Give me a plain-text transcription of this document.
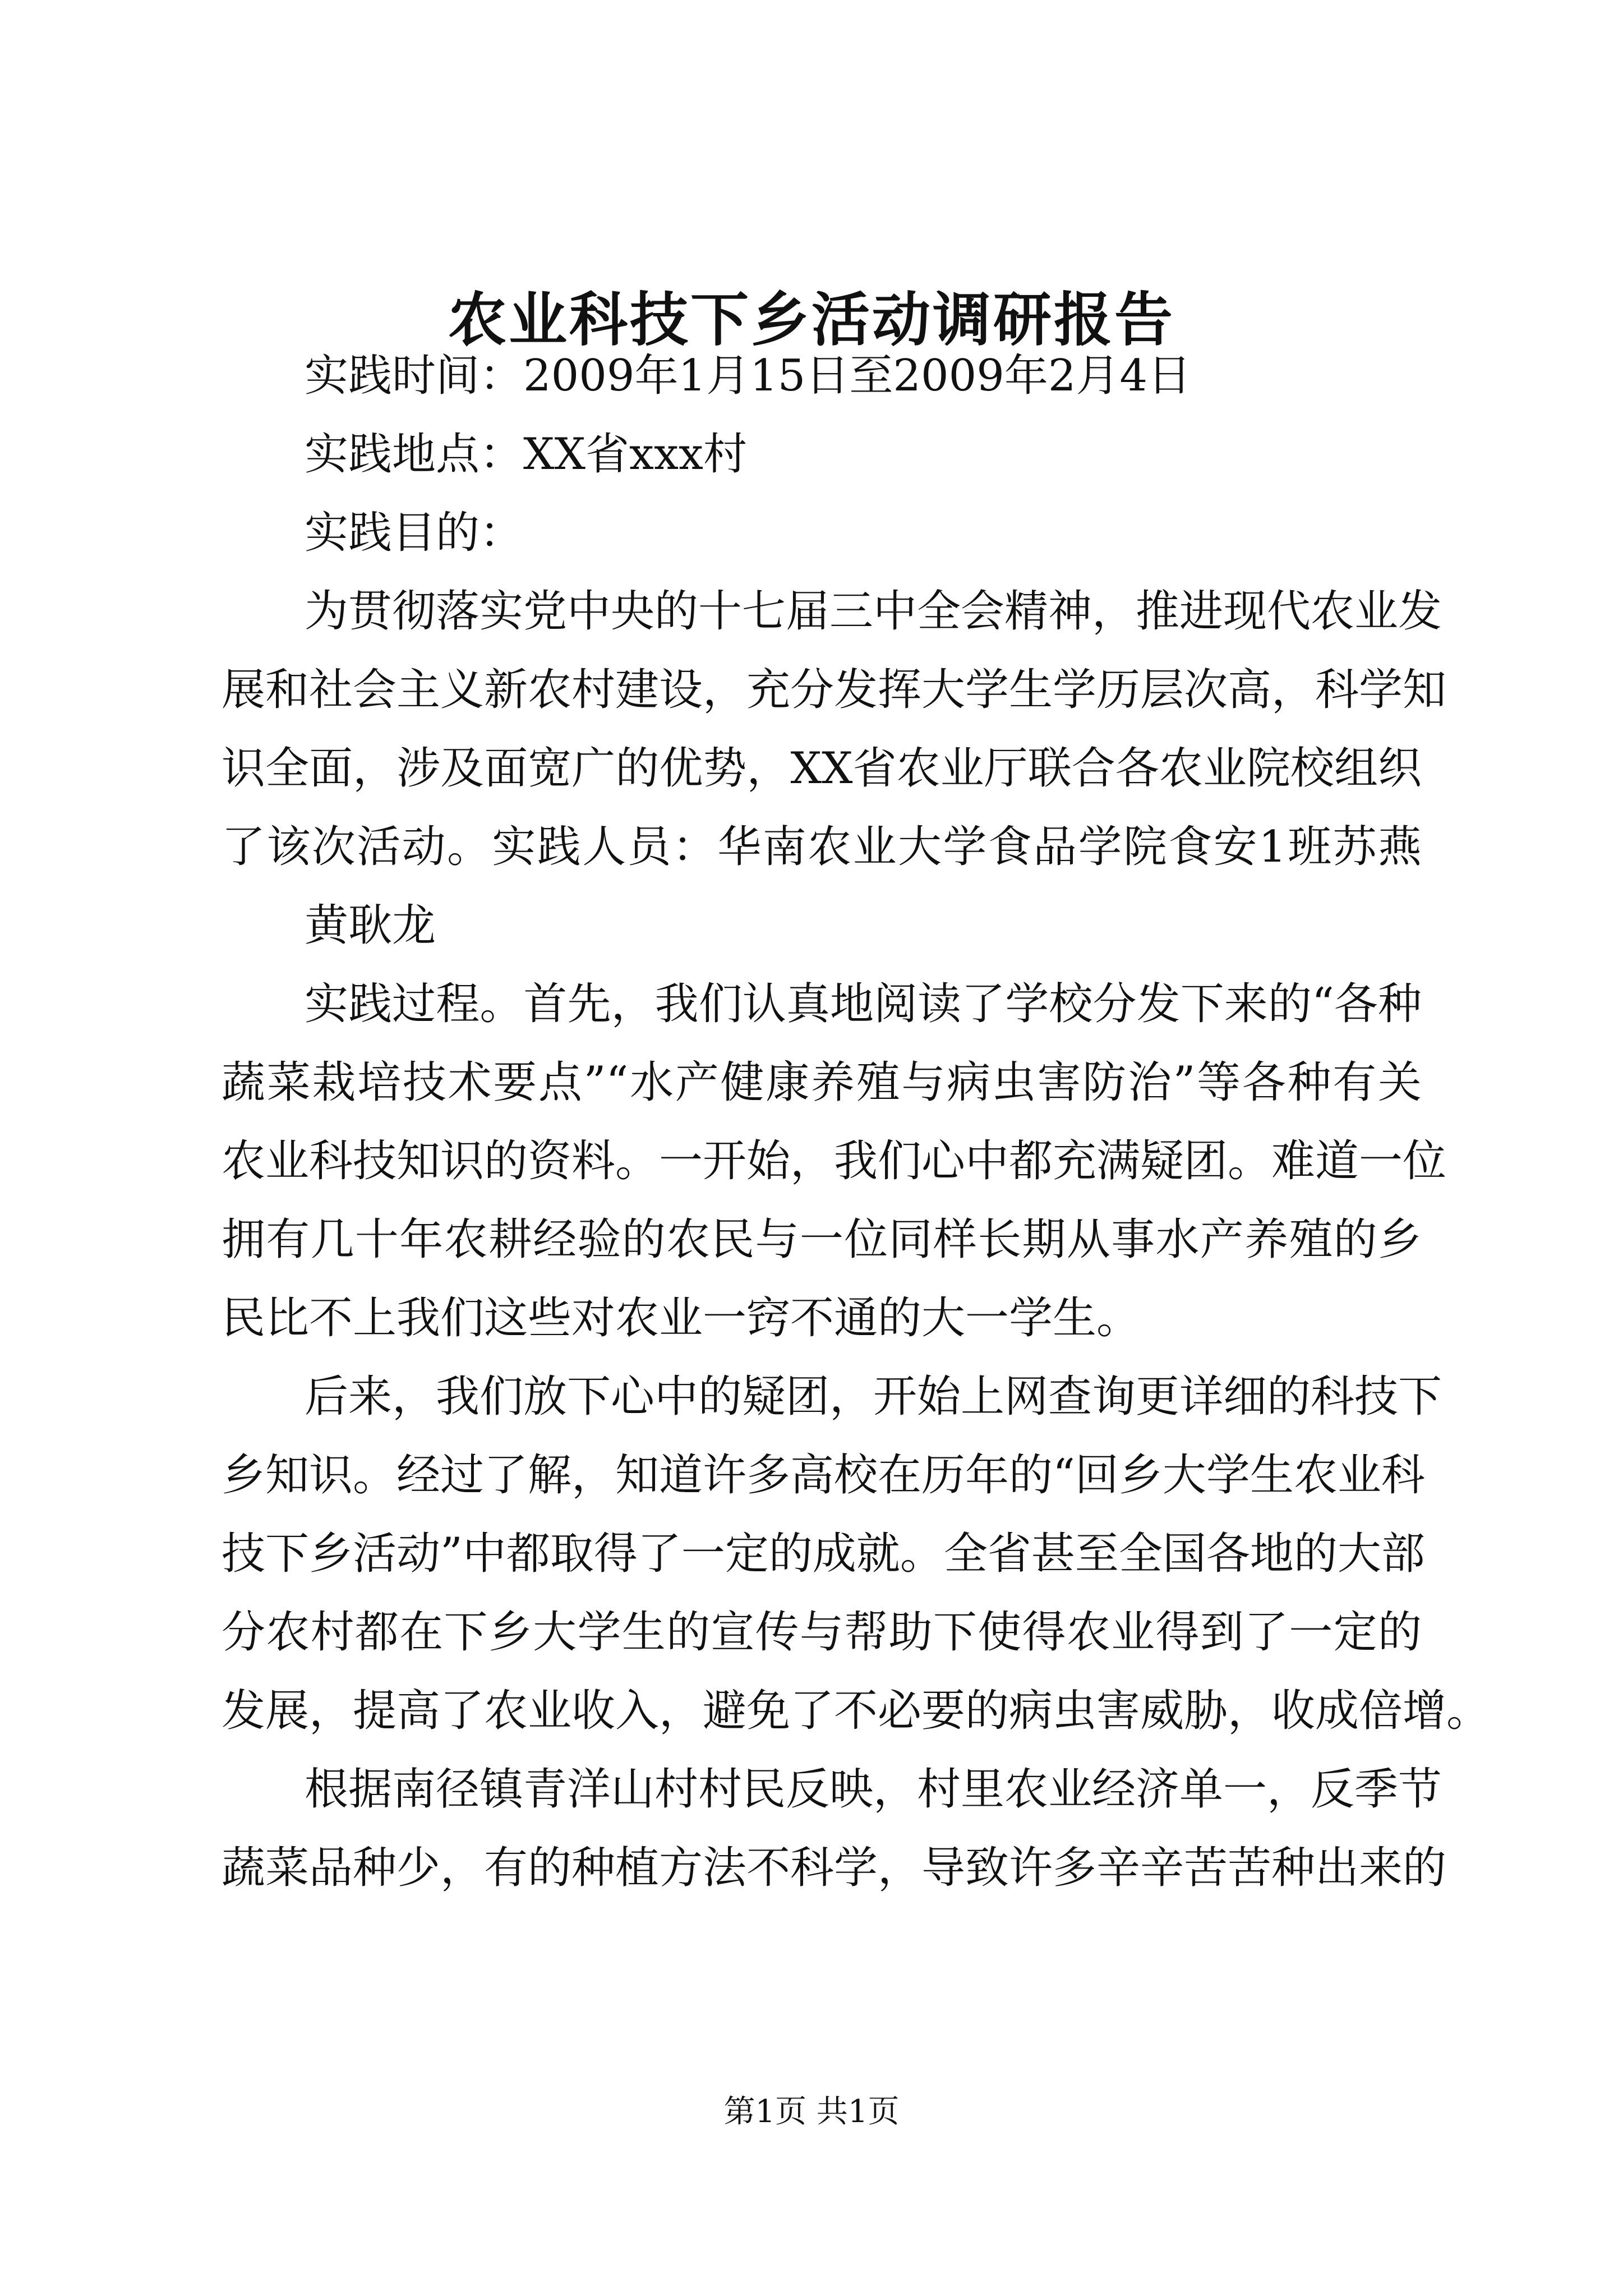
农业科技下乡活动调研报告
实践时间：2009年1月15日至2009年2月4日
实践地点：XX省xxx村
实践目的：
为贯彻落实党中央的十七届三中全会精神，推进现代农业发
展和社会主义新农村建设，充分发挥大学生学历层次高，科学知
识全面，涉及面宽广的优势，XX省农业厅联合各农业院校组织
了该次活动。实践人员：华南农业大学食品学院食安1班苏燕
黄耿龙
实践过程。首先，我们认真地阅读了学校分发下来的“各种
蔬菜栽培技术要点”“水产健康养殖与病虫害防治”等各种有关
农业科技知识的资料。一开始，我们心中都充满疑团。难道一位
拥有几十年农耕经验的农民与一位同样长期从事水产养殖的乡
民比不上我们这些对农业一窍不通的大一学生。
后来，我们放下心中的疑团，开始上网查询更详细的科技下
乡知识。经过了解，知道许多高校在历年的“回乡大学生农业科
技下乡活动”中都取得了一定的成就。全省甚至全国各地的大部
分农村都在下乡大学生的宣传与帮助下使得农业得到了一定的
发展，提高了农业收入，避免了不必要的病虫害威胁，收成倍增。
根据南径镇青洋山村村民反映，村里农业经济单一，反季节
蔬菜品种少，有的种植方法不科学，导致许多辛辛苦苦种出来的
第1页 共1页
